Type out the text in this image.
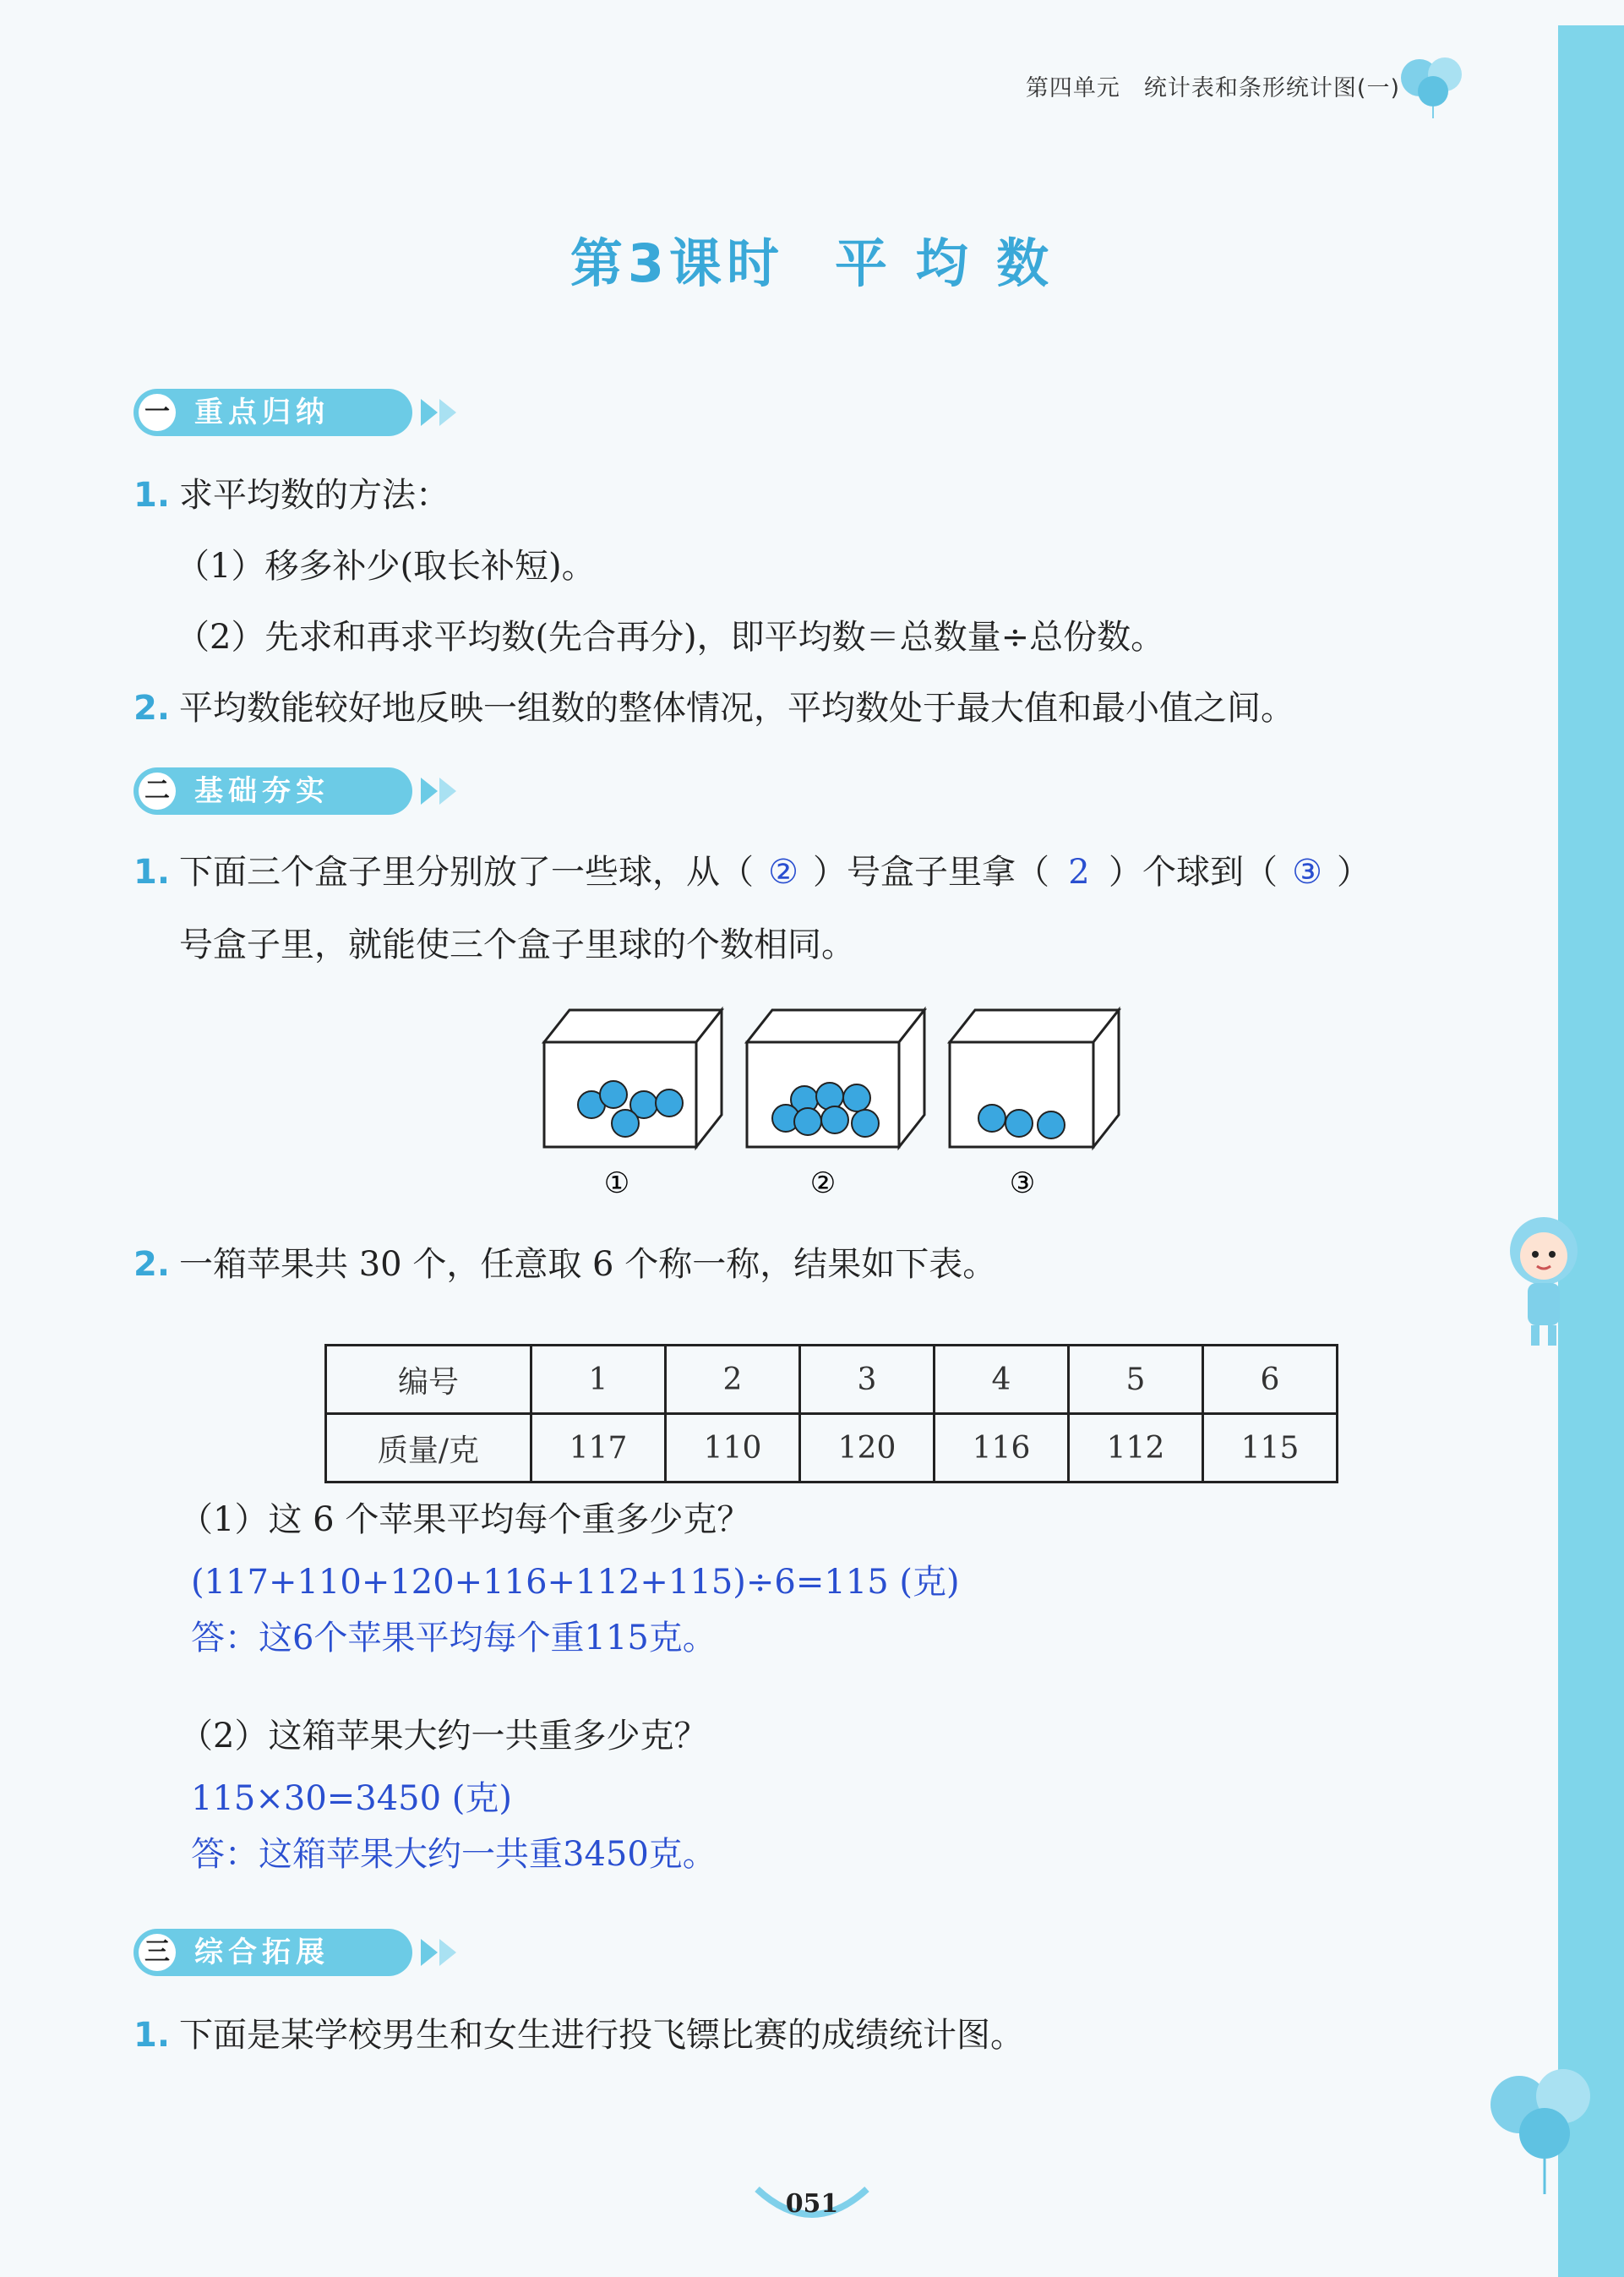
第四单元 统计表和条形统计图(一)
第3课时 平 均 数
一 重点归纳
1. 求平均数的方法：
（1）移多补少(取长补短)。
（2）先求和再求平均数(先合再分)，即平均数＝总数量÷总份数。
2. 平均数能较好地反映一组数的整体情况，平均数处于最大值和最小值之间。
二 基础夯实
1. 下面三个盒子里分别放了一些球，从（ ② ）号盒子里拿（ 2 ）个球到（ ③ ）
号盒子里，就能使三个盒子里球的个数相同。
①	②	③
2. 一箱苹果共 30 个，任意取 6 个称一称，结果如下表。
编号	1	2	3	4	5	6
质量/克	117	110	120	116	112	115
（1）这 6 个苹果平均每个重多少克？
(117+110+120+116+112+115)÷6=115 (克)
答：这6个苹果平均每个重115克。
（2）这箱苹果大约一共重多少克？
115×30=3450 (克)
答：这箱苹果大约一共重3450克。
三 综合拓展
1. 下面是某学校男生和女生进行投飞镖比赛的成绩统计图。
051
